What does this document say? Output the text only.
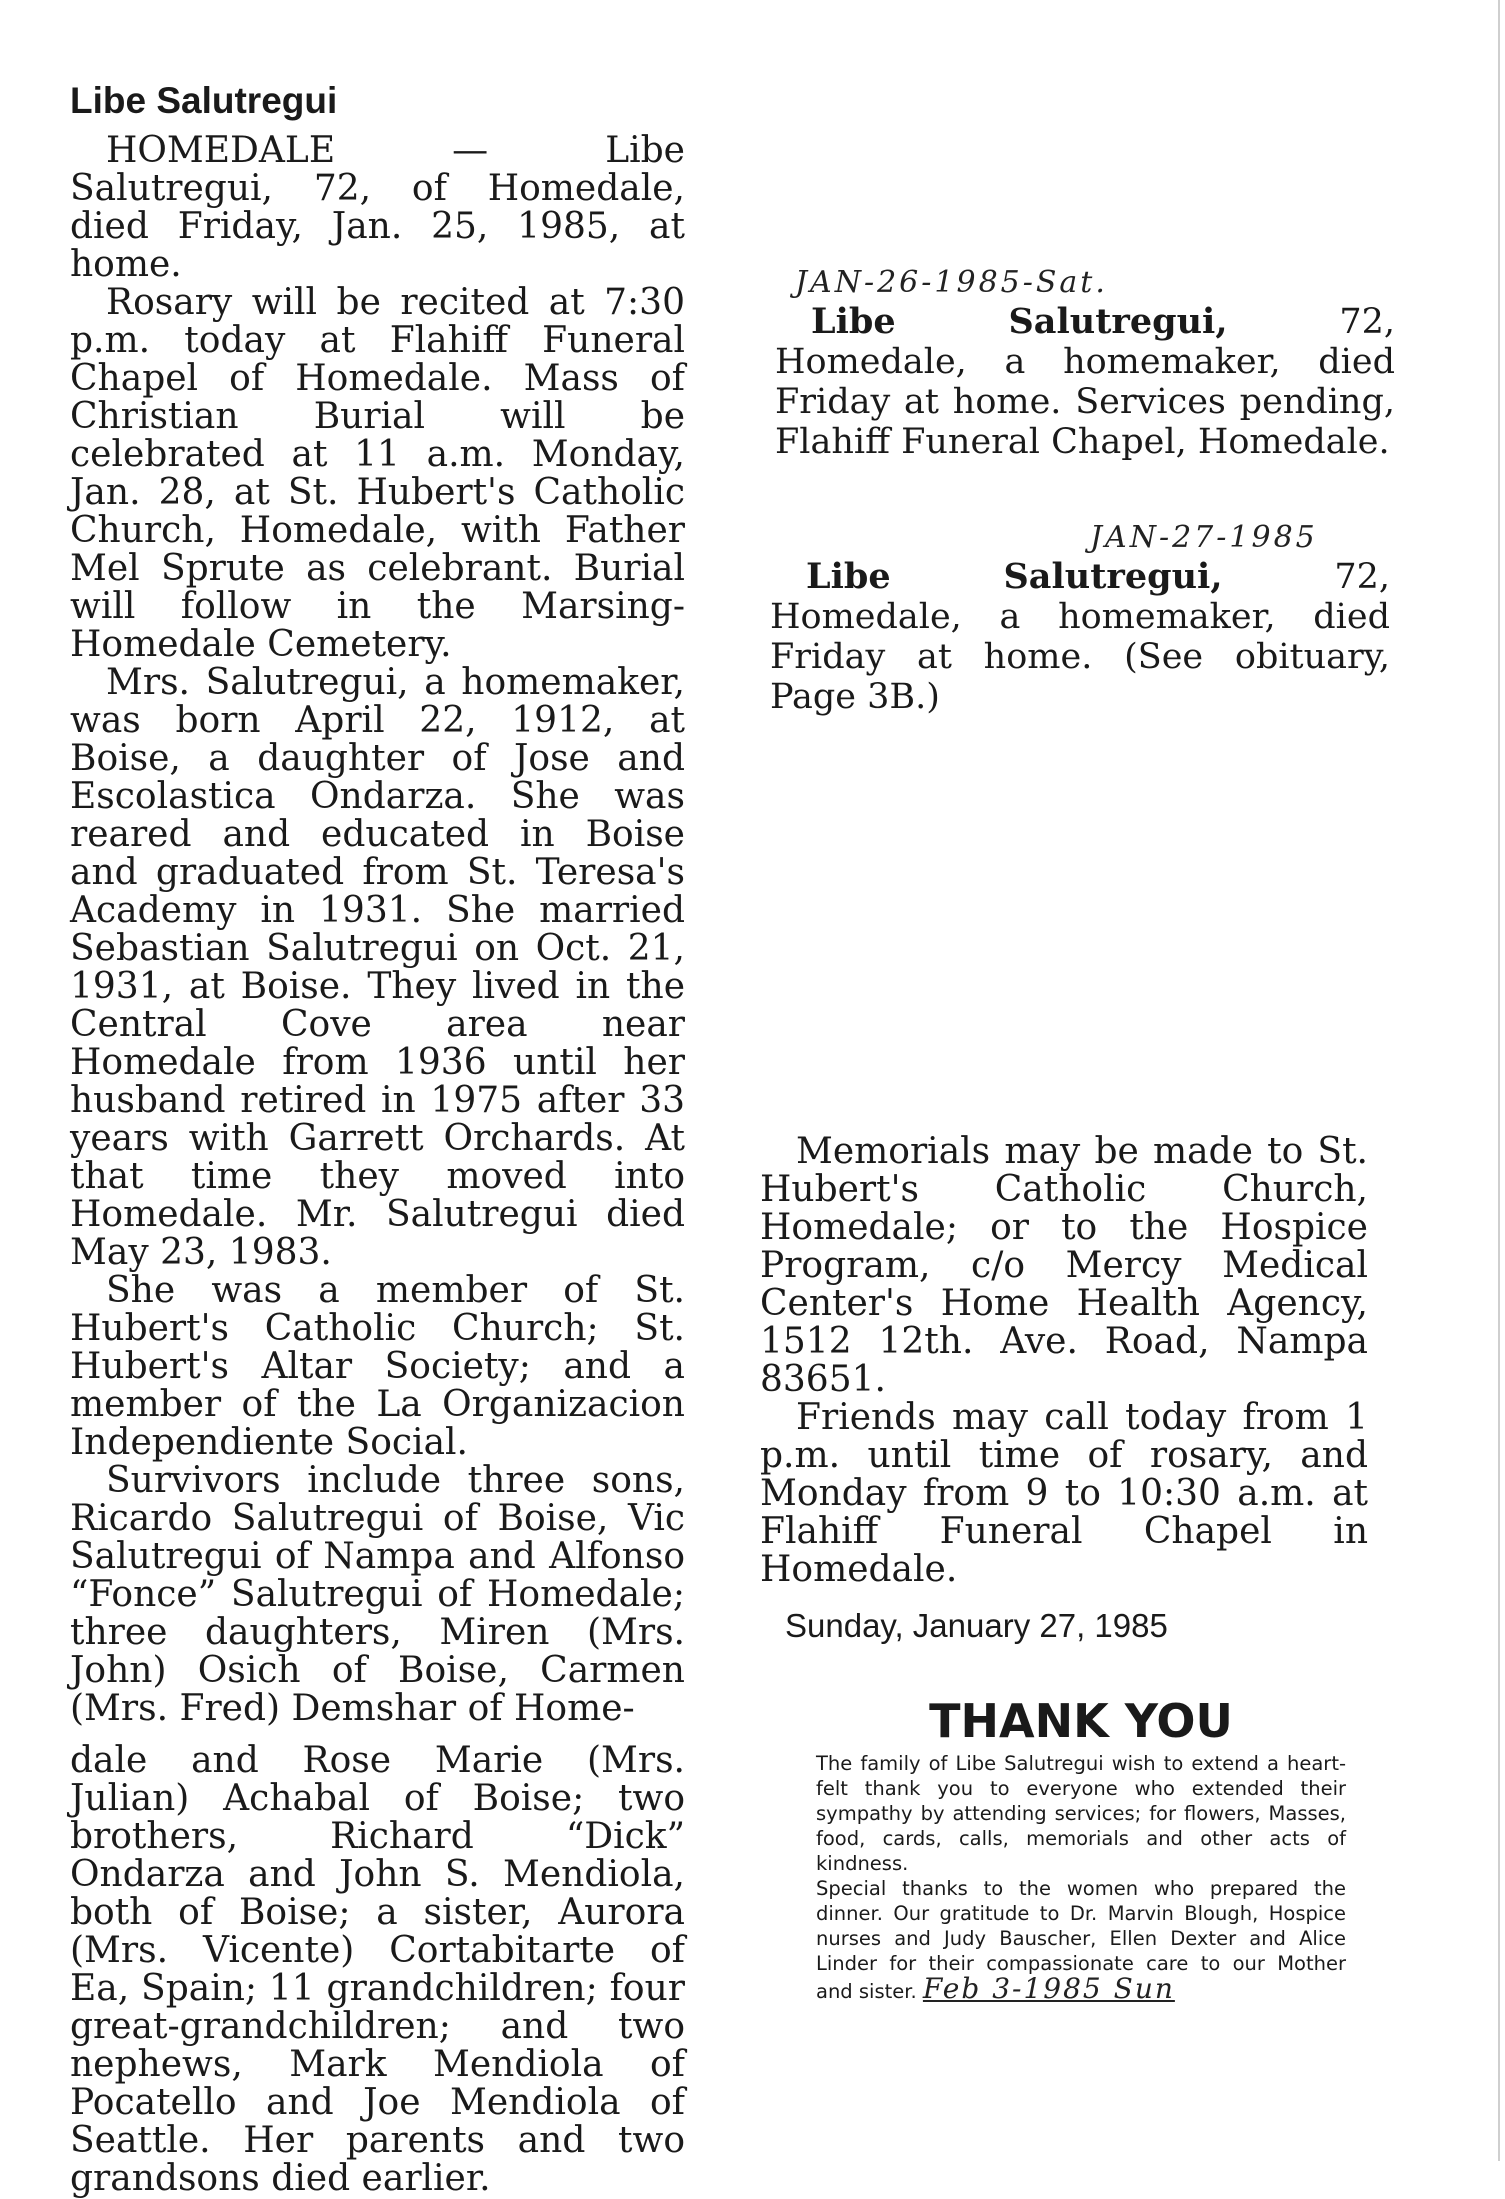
Libe Salutregui

HOMEDALE — Libe Salutregui, 72, of Homedale, died Friday, Jan. 25, 1985, at home.

Rosary will be recited at 7:30 p.m. today at Flahiff Funeral Chapel of Homedale. Mass of Christian Burial will be celebrated at 11 a.m. Monday, Jan. 28, at St. Hubert's Catholic Church, Homedale, with Father Mel Sprute as celebrant. Burial will follow in the Marsing-Homedale Cemetery.

Mrs. Salutregui, a homemaker, was born April 22, 1912, at Boise, a daughter of Jose and Escolastica Ondarza. She was reared and educated in Boise and graduated from St. Teresa's Academy in 1931. She married Sebastian Salutregui on Oct. 21, 1931, at Boise. They lived in the Central Cove area near Homedale from 1936 until her husband retired in 1975 after 33 years with Garrett Orchards. At that time they moved into Homedale. Mr. Salutregui died May 23, 1983.

She was a member of St. Hubert's Catholic Church; St. Hubert's Altar Society; and a member of the La Organizacion Independiente Social.

Survivors include three sons, Ricardo Salutregui of Boise, Vic Salutregui of Nampa and Alfonso “Fonce” Salutregui of Homedale; three daughters, Miren (Mrs. John) Osich of Boise, Carmen (Mrs. Fred) Demshar of Home-

dale and Rose Marie (Mrs. Julian) Achabal of Boise; two brothers, Richard “Dick” Ondarza and John S. Mendiola, both of Boise; a sister, Aurora (Mrs. Vicente) Cortabitarte of Ea, Spain; 11 grandchildren; four great-grandchildren; and two nephews, Mark Mendiola of Pocatello and Joe Mendiola of Seattle. Her parents and two grandsons died earlier.

JAN-26-1985-Sat.

Libe Salutregui, 72, Homedale, a homemaker, died Friday at home. Services pending, Flahiff Funeral Chapel, Homedale.

JAN-27-1985

Libe Salutregui, 72, Homedale, a homemaker, died Friday at home. (See obituary, Page 3B.)

Memorials may be made to St. Hubert's Catholic Church, Homedale; or to the Hospice Program, c/o Mercy Medical Center's Home Health Agency, 1512 12th. Ave. Road, Nampa 83651.

Friends may call today from 1 p.m. until time of rosary, and Monday from 9 to 10:30 a.m. at Flahiff Funeral Chapel in Homedale.

Sunday, January 27, 1985
THANK YOU

The family of Libe Salutregui wish to extend a heart-felt thank you to everyone who extended their sympathy by attending services; for flowers, Masses, food, cards, calls, memorials and other acts of kindness.

Special thanks to the women who prepared the dinner. Our gratitude to Dr. Marvin Blough, Hospice nurses and Judy Bauscher, Ellen Dexter and Alice Linder for their compassionate care to our Mother and sister. Feb 3-1985 Sun
